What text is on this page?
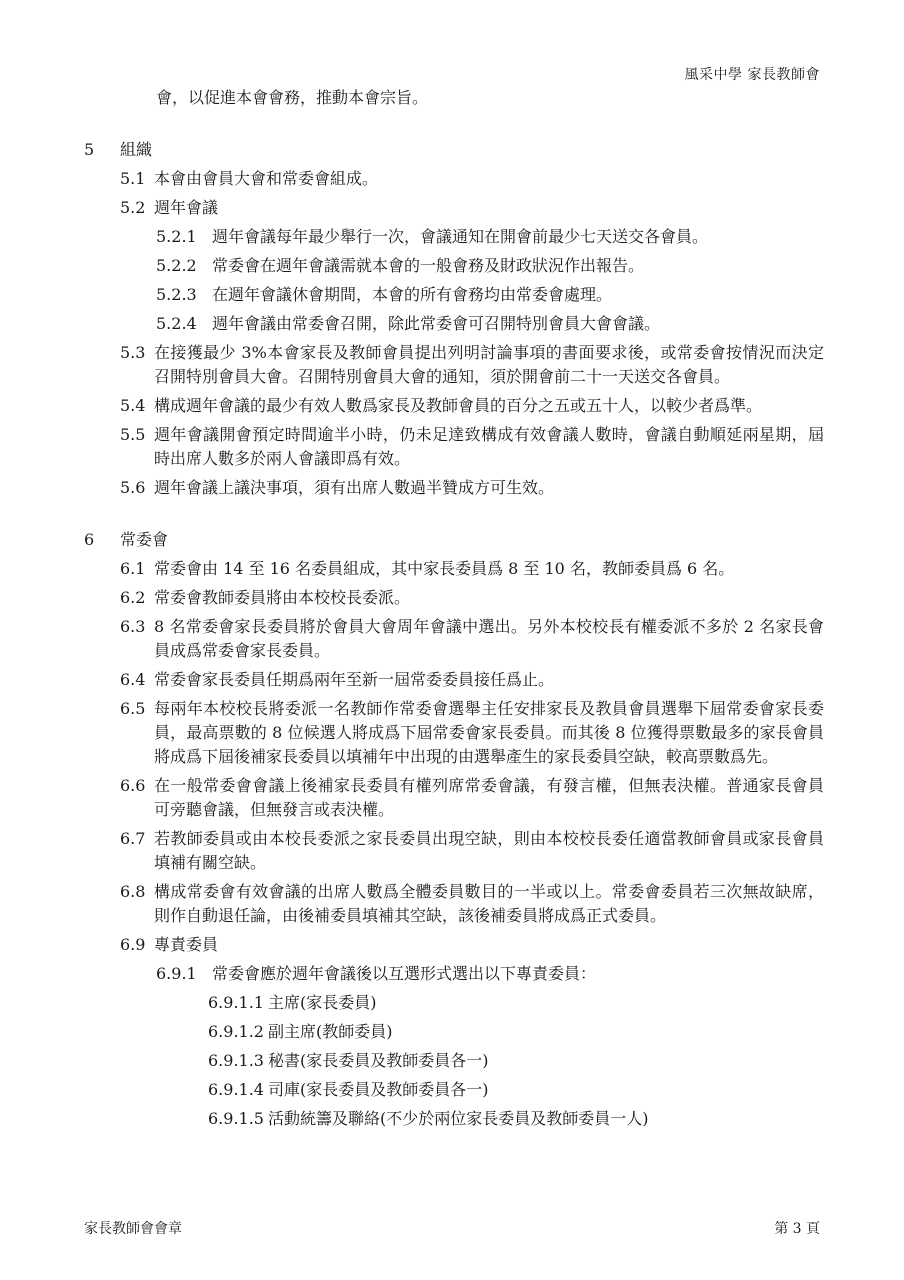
風采中學 家長教師會
會，以促進本會會務，推動本會宗旨。
5	組織
5.1 本會由會員大會和常委會組成。
5.2 週年會議
5.2.1 週年會議每年最少舉行一次，會議通知在開會前最少七天送交各會員。
5.2.2 常委會在週年會議需就本會的一般會務及財政狀況作出報告。
5.2.3 在週年會議休會期間，本會的所有會務均由常委會處理。
5.2.4 週年會議由常委會召開，除此常委會可召開特別會員大會會議。
5.3 在接獲最少 3%本會家長及教師會員提出列明討論事項的書面要求後，或常委會按情況而決定召開特別會員大會。召開特別會員大會的通知，須於開會前二十一天送交各會員。
5.4 構成週年會議的最少有效人數爲家長及教師會員的百分之五或五十人，以較少者爲準。
5.5 週年會議開會預定時間逾半小時，仍未足達致構成有效會議人數時，會議自動順延兩星期，屆時出席人數多於兩人會議即爲有效。
5.6 週年會議上議決事項，須有出席人數過半贊成方可生效。
6	常委會
6.1 常委會由 14 至 16 名委員組成，其中家長委員爲 8 至 10 名，教師委員爲 6 名。
6.2 常委會教師委員將由本校校長委派。
6.3 8 名常委會家長委員將於會員大會周年會議中選出。另外本校校長有權委派不多於 2 名家長會員成爲常委會家長委員。
6.4 常委會家長委員任期爲兩年至新一屆常委委員接任爲止。
6.5 每兩年本校校長將委派一名教師作常委會選舉主任安排家長及教員會員選舉下屆常委會家長委員，最高票數的 8 位候選人將成爲下屆常委會家長委員。而其後 8 位獲得票數最多的家長會員將成爲下屆後補家長委員以填補年中出現的由選舉產生的家長委員空缺，較高票數爲先。
6.6 在一般常委會會議上後補家長委員有權列席常委會議，有發言權，但無表決權。普通家長會員可旁聽會議，但無發言或表決權。
6.7 若教師委員或由本校長委派之家長委員出現空缺，則由本校校長委任適當教師會員或家長會員填補有關空缺。
6.8 構成常委會有效會議的出席人數爲全體委員數目的一半或以上。常委會委員若三次無故缺席，則作自動退任論，由後補委員填補其空缺，該後補委員將成爲正式委員。
6.9 專責委員
6.9.1 常委會應於週年會議後以互選形式選出以下專責委員：
6.9.1.1 主席(家長委員)
6.9.1.2 副主席(教師委員)
6.9.1.3 秘書(家長委員及教師委員各一)
6.9.1.4 司庫(家長委員及教師委員各一)
6.9.1.5 活動統籌及聯絡(不少於兩位家長委員及教師委員一人)
家長教師會會章	第 3 頁
